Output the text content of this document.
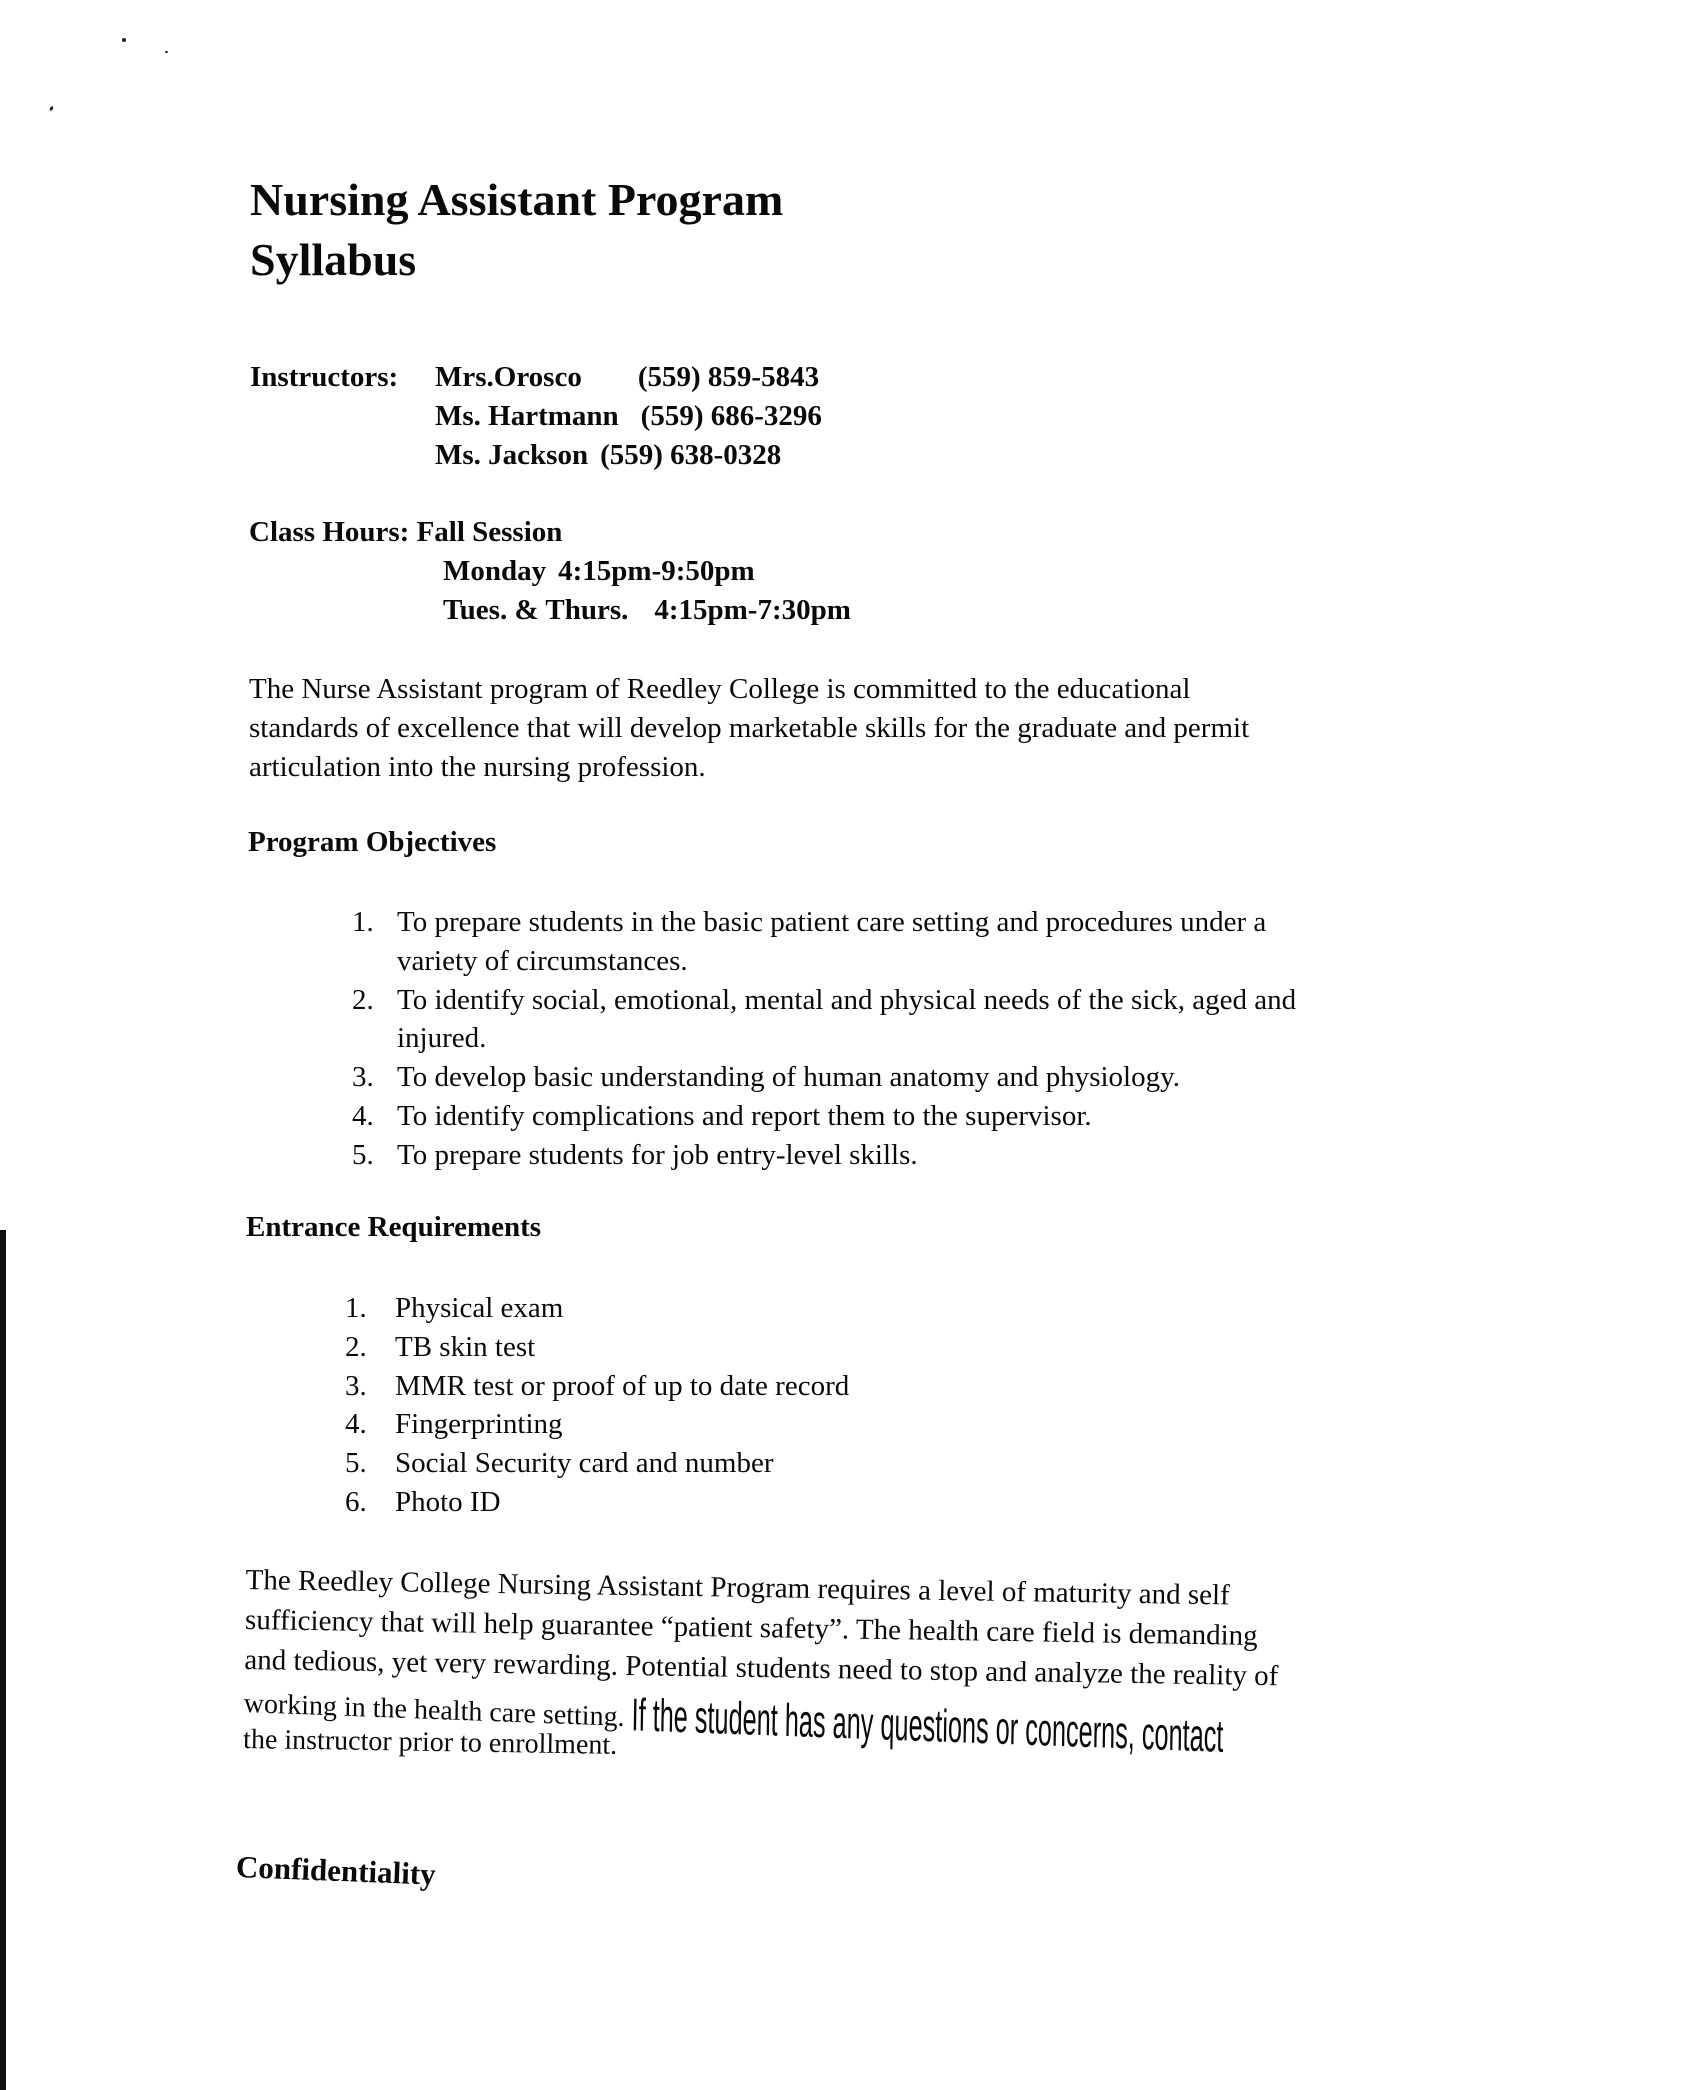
Nursing Assistant Program
Syllabus
Instructors: Mrs.Orosco (559) 859-5843
Ms. Hartmann (559) 686-3296
Ms. Jackson (559) 638-0328
Class Hours: Fall Session
Monday 4:15pm-9:50pm
Tues. & Thurs. 4:15pm-7:30pm
The Nurse Assistant program of Reedley College is committed to the educational
standards of excellence that will develop marketable skills for the graduate and permit
articulation into the nursing profession.
Program Objectives
1. To prepare students in the basic patient care setting and procedures under a
variety of circumstances.
2. To identify social, emotional, mental and physical needs of the sick, aged and
injured.
3. To develop basic understanding of human anatomy and physiology.
4. To identify complications and report them to the supervisor.
5. To prepare students for job entry-level skills.
Entrance Requirements
1. Physical exam
2. TB skin test
3. MMR test or proof of up to date record
4. Fingerprinting
5. Social Security card and number
6. Photo ID
The Reedley College Nursing Assistant Program requires a level of maturity and self
sufficiency that will help guarantee “patient safety”. The health care field is demanding
and tedious, yet very rewarding. Potential students need to stop and analyze the reality of
working in the health care setting. If the student has any questions or concerns, contact
the instructor prior to enrollment.
Confidentiality
